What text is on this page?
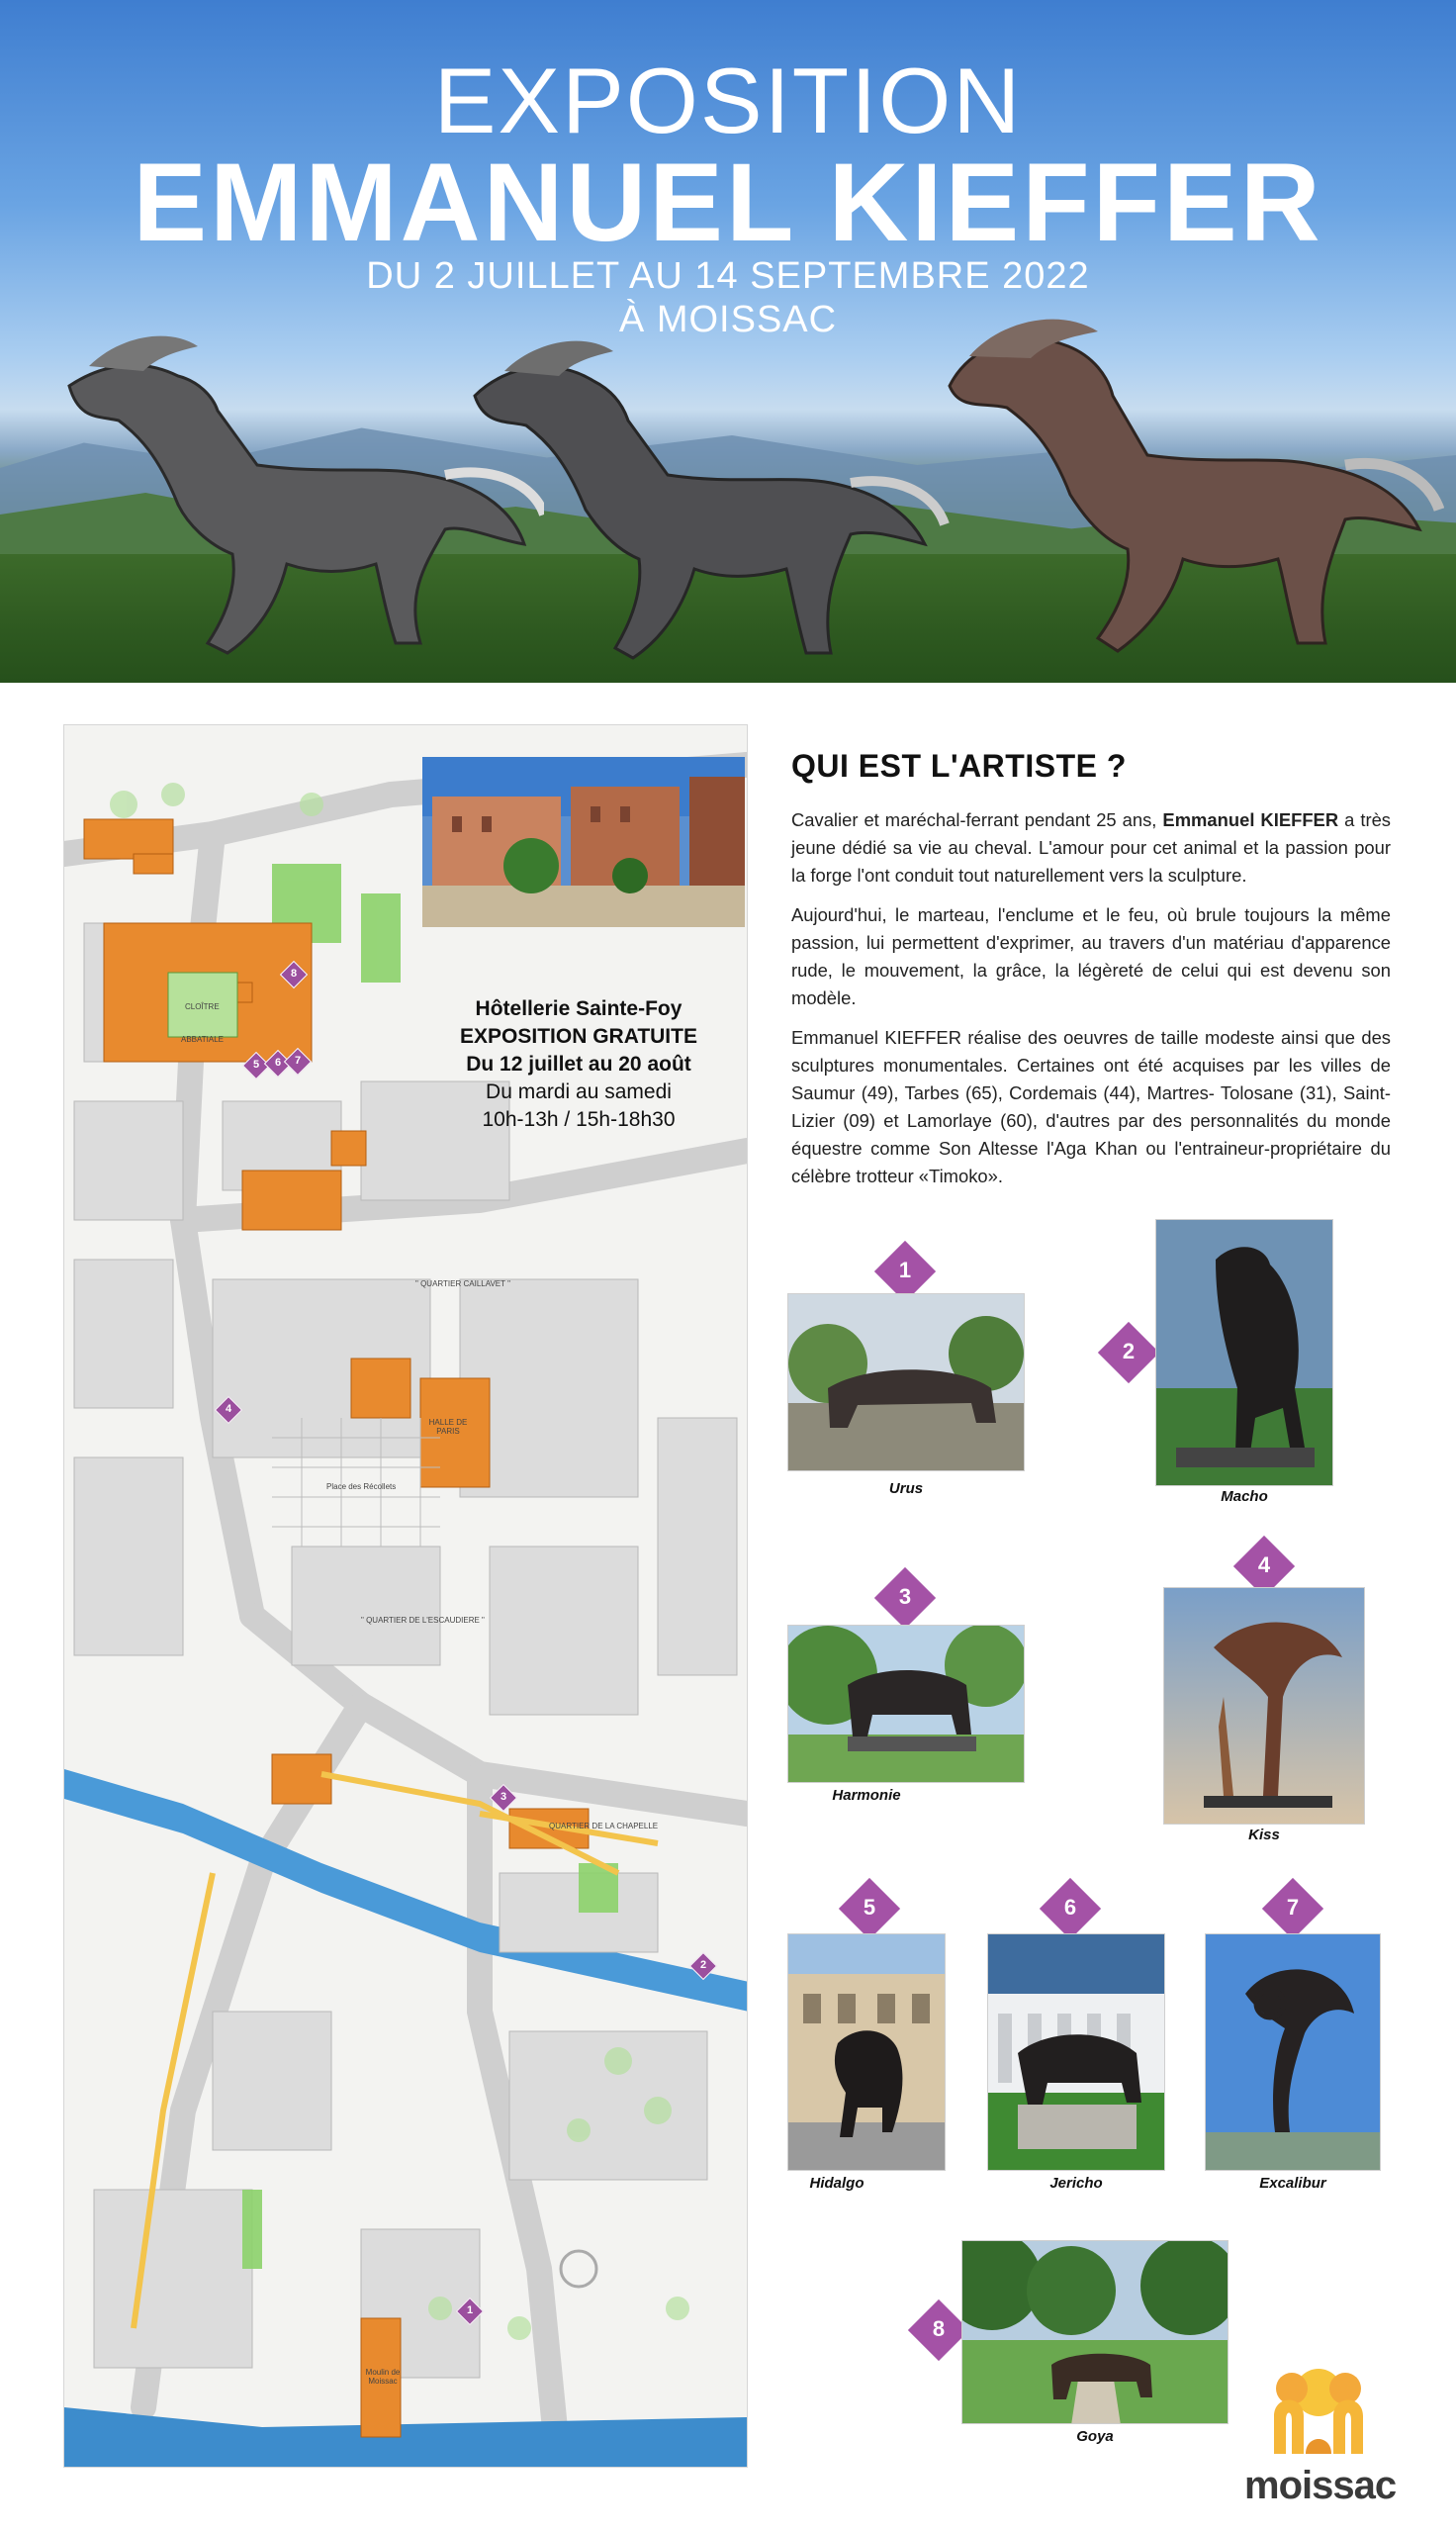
EXPOSITION
EMMANUEL KIEFFER
DU 2 JUILLET AU 14 SEPTEMBRE 2022
À MOISSAC
CLOÎTRE
ABBATIALE
" QUARTIER CAILLAVET "
HALLE DE PARIS
Place des Récollets
" QUARTIER DE L'ESCAUDIERE "
QUARTIER DE LA CHAPELLE
Moulin de Moissac
Hôtellerie Sainte-Foy
EXPOSITION GRATUITE
Du 12 juillet au 20 août
Du mardi au samedi
10h-13h / 15h-18h30
8
5	6	7
4
3
2
1
QUI EST L'ARTISTE ?
Cavalier et maréchal-ferrant pendant 25 ans, Emmanuel KIEFFER a très jeune dédié sa vie au cheval. L'amour pour cet animal et la passion pour la forge l'ont conduit tout naturellement vers la sculpture.
Aujourd'hui, le marteau, l'enclume et le feu, où brule toujours la même passion, lui permettent d'exprimer, au travers d'un matériau d'apparence rude, le mouvement, la grâce, la légèreté de celui qui est devenu son modèle.
Emmanuel KIEFFER réalise des oeuvres de taille modeste ainsi que des sculptures monumentales. Certaines ont été acquises par les villes de Saumur (49), Tarbes (65), Cordemais (44), Martres- Tolosane (31), Saint-Lizier (09) et Lamorlaye (60), d'autres par des personnalités du monde équestre comme Son Altesse l'Aga Khan ou l'entraineur-propriétaire du célèbre trotteur «Timoko».
1
Urus
2
Macho
3
Harmonie
4
Kiss
5
Hidalgo
6
Jericho
7
Excalibur
8
Goya
moissac
